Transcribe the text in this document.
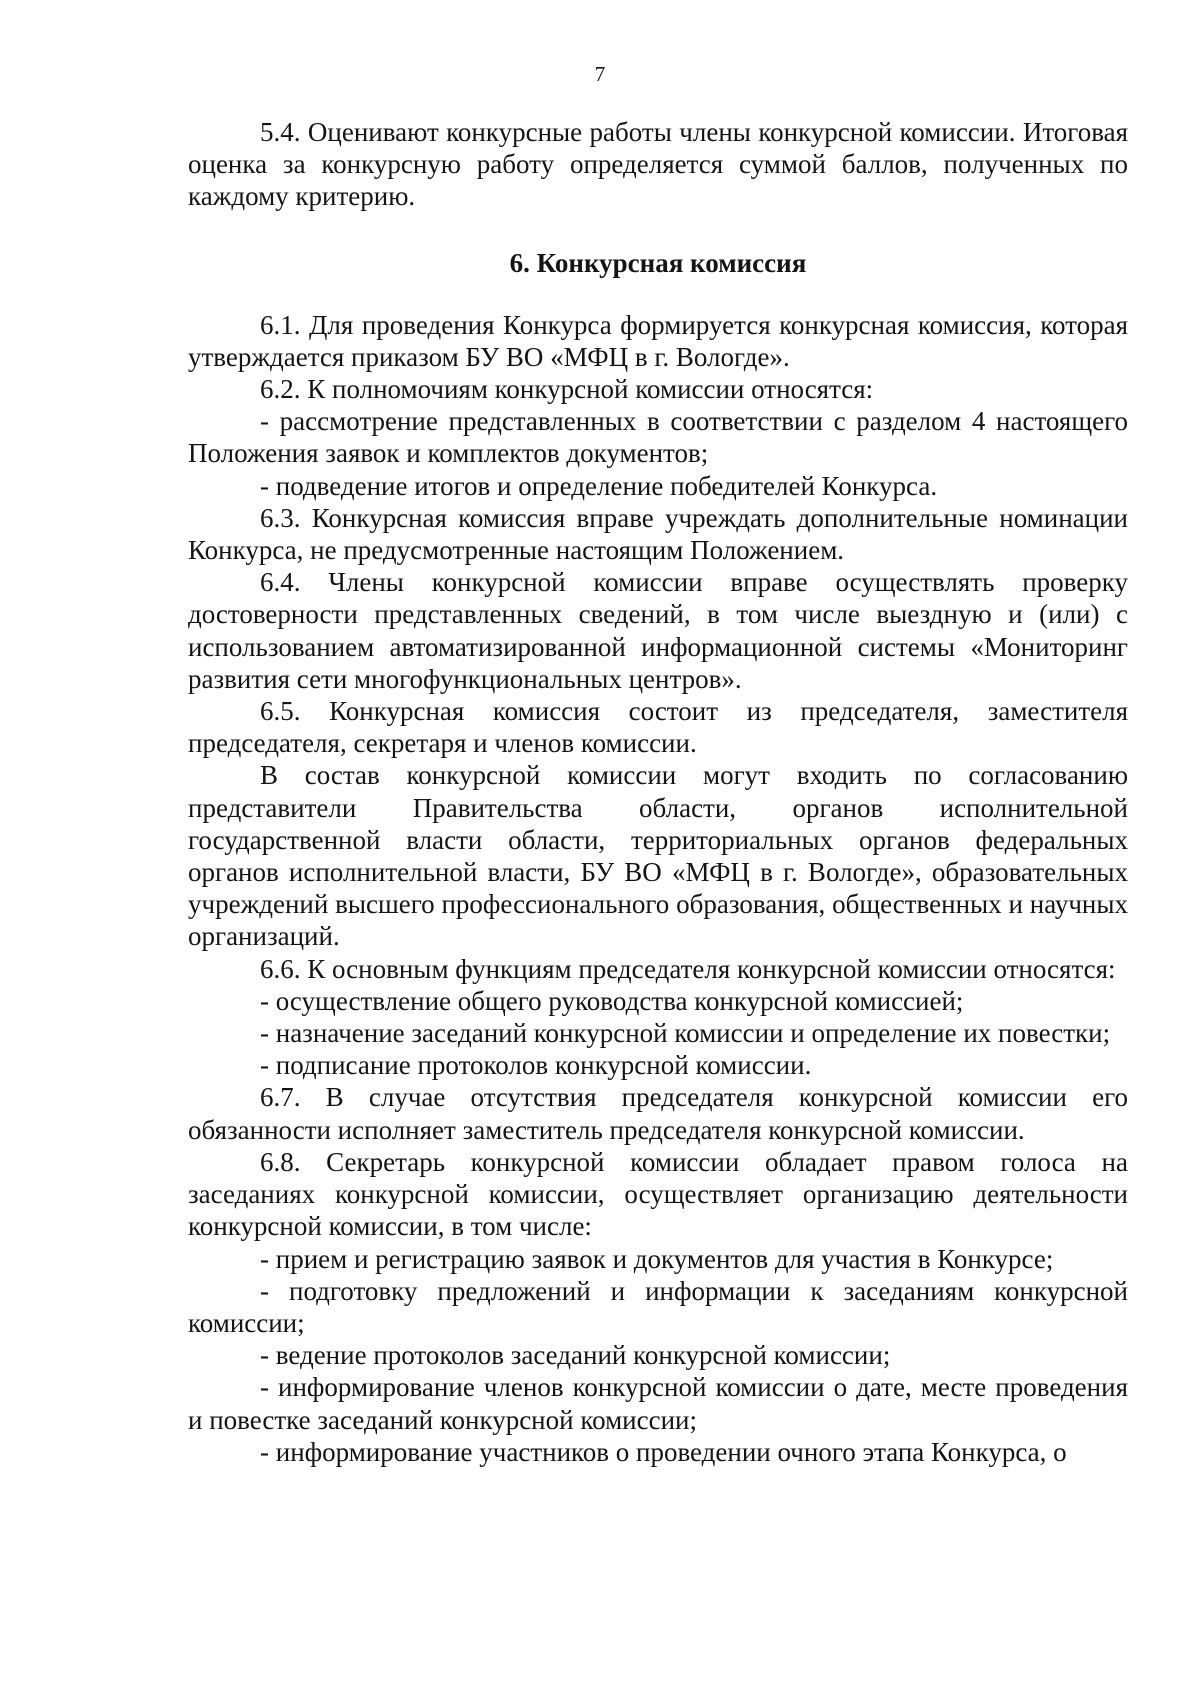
7

5.4. Оценивают конкурсные работы члены конкурсной комиссии. Итоговая оценка за конкурсную работу определяется суммой баллов, полученных по каждому критерию.

6. Конкурсная комиссия

6.1. Для проведения Конкурса формируется конкурсная комиссия, которая утверждается приказом БУ ВО «МФЦ в г. Вологде».

6.2. К полномочиям конкурсной комиссии относятся:

- рассмотрение представленных в соответствии с разделом 4 настоящего Положения заявок и комплектов документов;

- подведение итогов и определение победителей Конкурса.

6.3. Конкурсная комиссия вправе учреждать дополнительные номинации Конкурса, не предусмотренные настоящим Положением.

6.4. Члены конкурсной комиссии вправе осуществлять проверку достоверности представленных сведений, в том числе выездную и (или) с использованием автоматизированной информационной системы «Мониторинг развития сети многофункциональных центров».

6.5. Конкурсная комиссия состоит из председателя, заместителя председателя, секретаря и членов комиссии.

В состав конкурсной комиссии могут входить по согласованию представители Правительства области, органов исполнительной государственной власти области, территориальных органов федеральных органов исполнительной власти, БУ ВО «МФЦ в г. Вологде», образовательных учреждений высшего профессионального образования, общественных и научных организаций.

6.6. К основным функциям председателя конкурсной комиссии относятся:

- осуществление общего руководства конкурсной комиссией;

- назначение заседаний конкурсной комиссии и определение их повестки;

- подписание протоколов конкурсной комиссии.

6.7. В случае отсутствия председателя конкурсной комиссии его обязанности исполняет заместитель председателя конкурсной комиссии.

6.8. Секретарь конкурсной комиссии обладает правом голоса на заседаниях конкурсной комиссии, осуществляет организацию деятельности конкурсной комиссии, в том числе:

- прием и регистрацию заявок и документов для участия в Конкурсе;

- подготовку предложений и информации к заседаниям конкурсной комиссии;

- ведение протоколов заседаний конкурсной комиссии;

- информирование членов конкурсной комиссии о дате, месте проведения и повестке заседаний конкурсной комиссии;

- информирование участников о проведении очного этапа Конкурса, о
